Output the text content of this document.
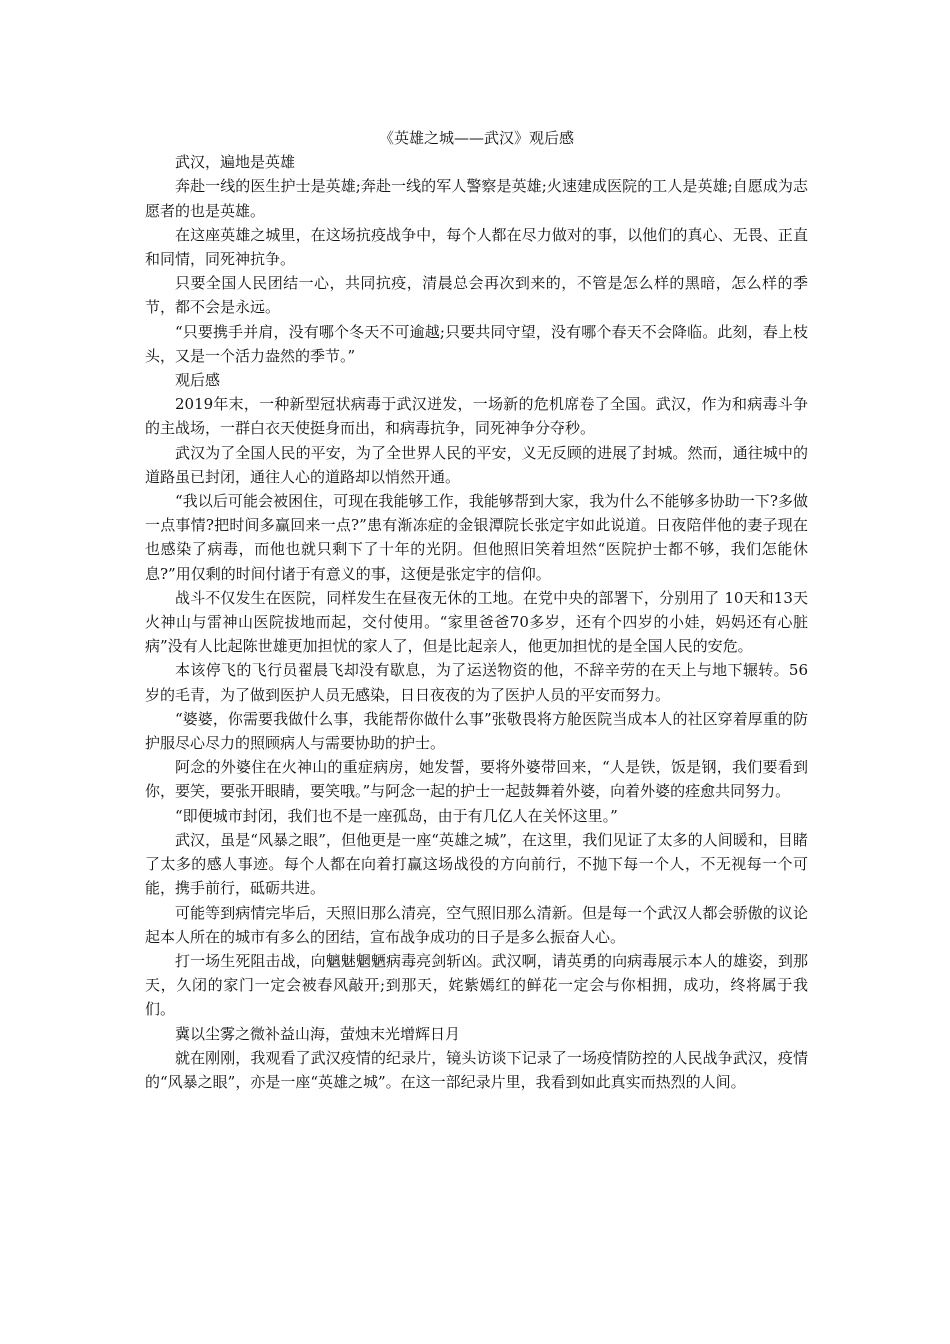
《英雄之城——武汉》观后感

武汉，遍地是英雄

奔赴一线的医生护士是英雄;奔赴一线的军人警察是英雄;火速建成医院的工人是英雄;自愿成为志愿者的也是英雄。

在这座英雄之城里，在这场抗疫战争中，每个人都在尽力做对的事，以他们的真心、无畏、正直和同情，同死神抗争。

只要全国人民团结一心，共同抗疫，清晨总会再次到来的，不管是怎么样的黑暗，怎么样的季节，都不会是永远。

“只要携手并肩，没有哪个冬天不可逾越;只要共同守望，没有哪个春天不会降临。此刻，春上枝头，又是一个活力盎然的季节。”

观后感

2019年末，一种新型冠状病毒于武汉迸发，一场新的危机席卷了全国。武汉，作为和病毒斗争的主战场，一群白衣天使挺身而出，和病毒抗争，同死神争分夺秒。

武汉为了全国人民的平安，为了全世界人民的平安，义无反顾的进展了封城。然而，通往城中的道路虽已封闭，通往人心的道路却以悄然开通。

“我以后可能会被困住，可现在我能够工作，我能够帮到大家，我为什么不能够多协助一下?多做一点事情?把时间多赢回来一点?”患有渐冻症的金银潭院长张定宇如此说道。日夜陪伴他的妻子现在也感染了病毒，而他也就只剩下了十年的光阴。但他照旧笑着坦然“医院护士都不够，我们怎能休息?”用仅剩的时间付诸于有意义的事，这便是张定宇的信仰。

战斗不仅发生在医院，同样发生在昼夜无休的工地。在党中央的部署下，分别用了 10天和13天火神山与雷神山医院拔地而起，交付使用。“家里爸爸70多岁，还有个四岁的小娃，妈妈还有心脏病”没有人比起陈世雄更加担忧的家人了，但是比起亲人，他更加担忧的是全国人民的安危。

本该停飞的飞行员翟晨飞却没有歇息，为了运送物资的他，不辞辛劳的在天上与地下辗转。56岁的毛青，为了做到医护人员无感染，日日夜夜的为了医护人员的平安而努力。

“婆婆，你需要我做什么事，我能帮你做什么事”张敬畏将方舱医院当成本人的社区穿着厚重的防护服尽心尽力的照顾病人与需要协助的护士。

阿念的外婆住在火神山的重症病房，她发誓，要将外婆带回来，“人是铁，饭是钢，我们要看到你，要笑，要张开眼睛，要笑哦。”与阿念一起的护士一起鼓舞着外婆，向着外婆的痊愈共同努力。

“即便城市封闭，我们也不是一座孤岛，由于有几亿人在关怀这里。”

武汉，虽是“风暴之眼”，但他更是一座“英雄之城”，在这里，我们见证了太多的人间暖和，目睹了太多的感人事迹。每个人都在向着打赢这场战役的方向前行，不抛下每一个人，不无视每一个可能，携手前行，砥砺共进。

可能等到病情完毕后，天照旧那么清亮，空气照旧那么清新。但是每一个武汉人都会骄傲的议论起本人所在的城市有多么的团结，宣布战争成功的日子是多么振奋人心。

打一场生死阻击战，向魑魅魍魉病毒亮剑斩凶。武汉啊，请英勇的向病毒展示本人的雄姿，到那天，久闭的家门一定会被春风敲开;到那天，姹紫嫣红的鲜花一定会与你相拥，成功，终将属于我们。

冀以尘雾之微补益山海，萤烛末光增辉日月

就在刚刚，我观看了武汉疫情的纪录片，镜头访谈下记录了一场疫情防控的人民战争武汉，疫情的“风暴之眼”，亦是一座“英雄之城”。在这一部纪录片里，我看到如此真实而热烈的人间。
